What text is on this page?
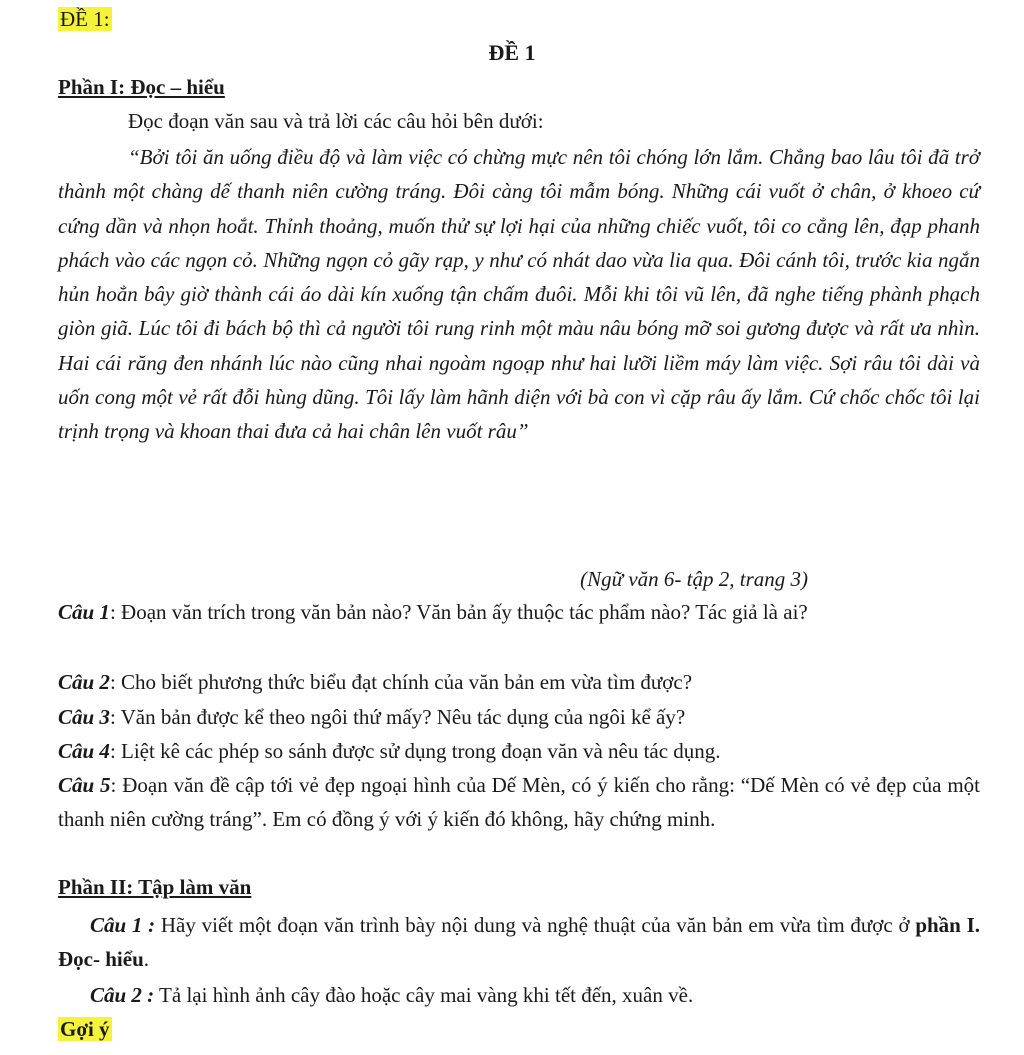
ĐỀ 1:
ĐỀ 1
Phần I: Đọc – hiểu
Đọc đoạn văn sau và trả lời các câu hỏi bên dưới:
“Bởi tôi ăn uống điều độ và làm việc có chừng mực nên tôi chóng lớn lắm. Chẳng bao lâu tôi đã trở thành một chàng dế thanh niên cường tráng. Đôi càng tôi mẫm bóng. Những cái vuốt ở chân, ở khoeo cứ cứng dần và nhọn hoắt. Thỉnh thoảng, muốn thử sự lợi hại của những chiếc vuốt, tôi co cẳng lên, đạp phanh phách vào các ngọn cỏ. Những ngọn cỏ gãy rạp, y như có nhát dao vừa lia qua. Đôi cánh tôi, trước kia ngắn hủn hoẳn bây giờ thành cái áo dài kín xuống tận chấm đuôi. Mỗi khi tôi vũ lên, đã nghe tiếng phành phạch giòn giã. Lúc tôi đi bách bộ thì cả người tôi rung rinh một màu nâu bóng mỡ soi gương được và rất ưa nhìn. Hai cái răng đen nhánh lúc nào cũng nhai ngoàm ngoạp như hai lưỡi liềm máy làm việc. Sợi râu tôi dài và uốn cong một vẻ rất đỗi hùng dũng. Tôi lấy làm hãnh diện với bà con vì cặp râu ấy lắm. Cứ chốc chốc tôi lại trịnh trọng và khoan thai đưa cả hai chân lên vuốt râu”
(Ngữ văn 6- tập 2, trang 3)
Câu 1: Đoạn văn trích trong văn bản nào? Văn bản ấy thuộc tác phẩm nào? Tác giả là ai?
Câu 2: Cho biết phương thức biểu đạt chính của văn bản em vừa tìm được?
Câu 3: Văn bản được kể theo ngôi thứ mấy? Nêu tác dụng của ngôi kể ấy?
Câu 4: Liệt kê các phép so sánh được sử dụng trong đoạn văn và nêu tác dụng.
Câu 5: Đoạn văn đề cập tới vẻ đẹp ngoại hình của Dế Mèn, có ý kiến cho rằng: “Dế Mèn có vẻ đẹp của một thanh niên cường tráng”. Em có đồng ý với ý kiến đó không, hãy chứng minh.
Phần II: Tập làm văn
Câu 1 : Hãy viết một đoạn văn trình bày nội dung và nghệ thuật của văn bản em vừa tìm được ở phần I. Đọc- hiểu.
Câu 2 : Tả lại hình ảnh cây đào hoặc cây mai vàng khi tết đến, xuân về.
Gợi ý
